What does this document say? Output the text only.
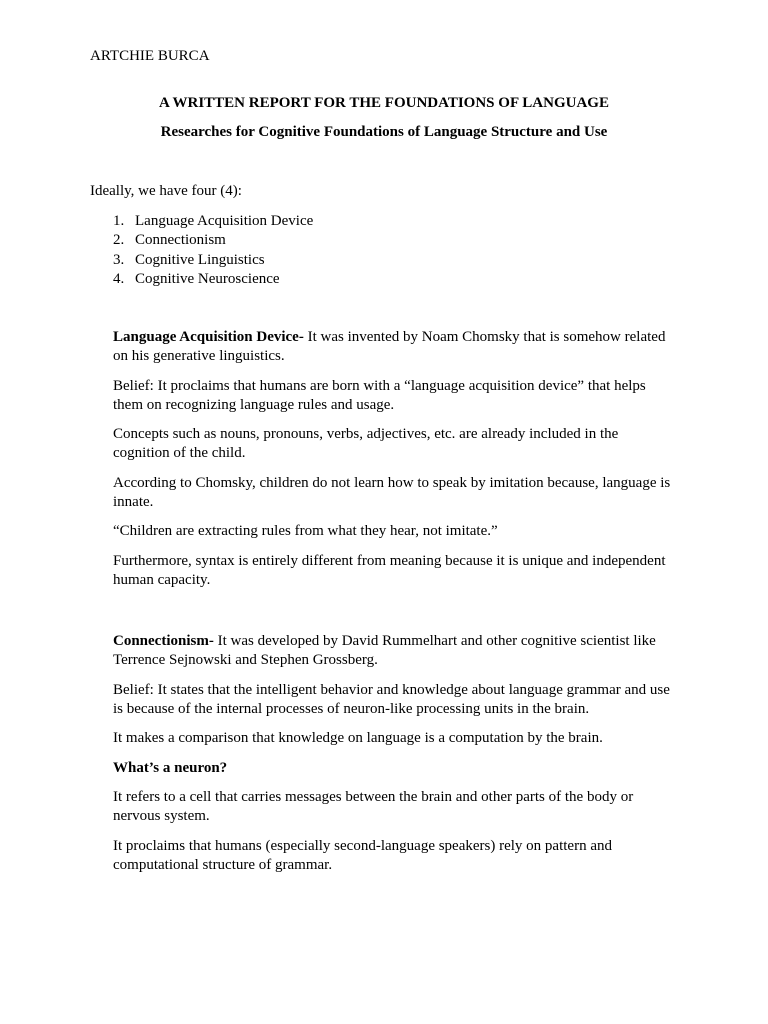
ARTCHIE BURCA
A WRITTEN REPORT FOR THE FOUNDATIONS OF LANGUAGE
Researches for Cognitive Foundations of Language Structure and Use
Ideally, we have four (4):
1. Language Acquisition Device
2. Connectionism
3. Cognitive Linguistics
4. Cognitive Neuroscience

Language Acquisition Device- It was invented by Noam Chomsky that is somehow related on his generative linguistics.

Belief: It proclaims that humans are born with a “language acquisition device” that helps them on recognizing language rules and usage.

Concepts such as nouns, pronouns, verbs, adjectives, etc. are already included in the cognition of the child.

According to Chomsky, children do not learn how to speak by imitation because, language is innate.

“Children are extracting rules from what they hear, not imitate.”

Furthermore, syntax is entirely different from meaning because it is unique and independent human capacity.

Connectionism- It was developed by David Rummelhart and other cognitive scientist like Terrence Sejnowski and Stephen Grossberg.

Belief: It states that the intelligent behavior and knowledge about language grammar and use is because of the internal processes of neuron-like processing units in the brain.

It makes a comparison that knowledge on language is a computation by the brain.

What’s a neuron?

It refers to a cell that carries messages between the brain and other parts of the body or nervous system.

It proclaims that humans (especially second-language speakers) rely on pattern and computational structure of grammar.
